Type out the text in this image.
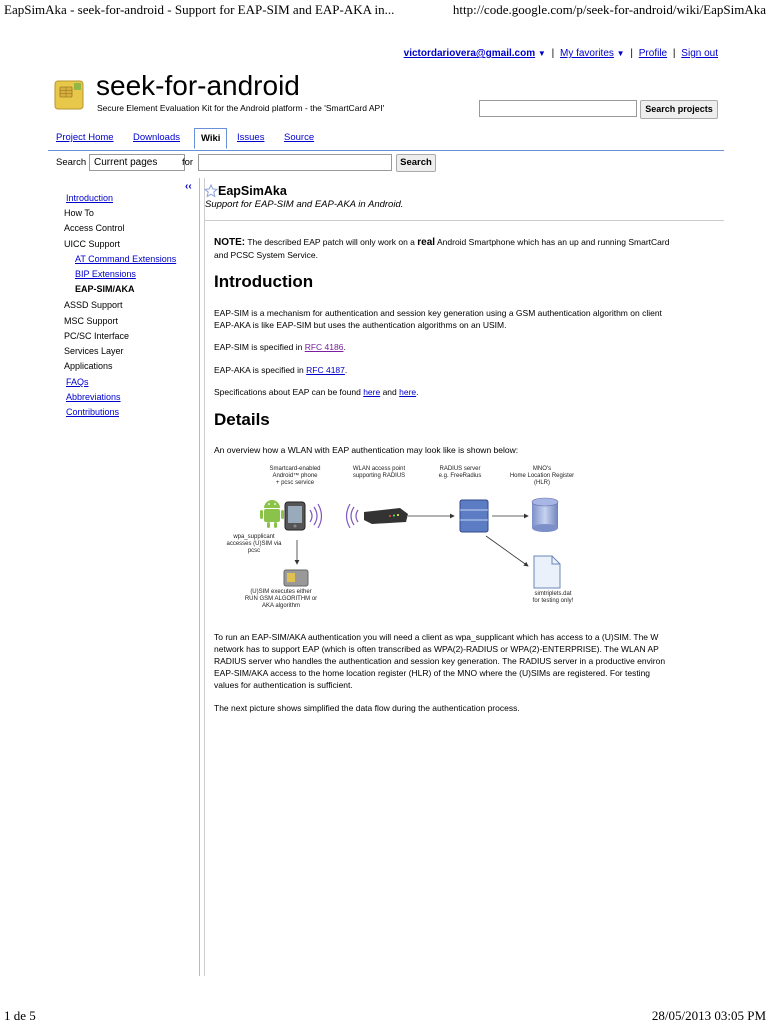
EapSimAka - seek-for-android - Support for EAP-SIM and EAP-AKA in...	http://code.google.com/p/seek-for-android/wiki/EapSimAka
victordariovera@gmail.com ▼ | My favorites ▼ | Profile | Sign out
seek-for-android
Secure Element Evaluation Kit for the Android platform - the 'SmartCard API'	Search projects
Project Home Downloads	Wiki	Issues Source
Search Current pages	for	Search
‹‹
Introduction
How To
Access Control
UICC Support
AT Command Extensions
BIP Extensions
EAP-SIM/AKA
ASSD Support
MSC Support
PC/SC Interface
Services Layer
Applications
FAQs
Abbreviations
Contributions
EapSimAka
Support for EAP-SIM and EAP-AKA in Android.
NOTE: The described EAP patch will only work on a real Android Smartphone which has an up and running SmartCard
and PCSC System Service.
Introduction
EAP-SIM is a mechanism for authentication and session key generation using a GSM authentication algorithm on client
EAP-AKA is like EAP-SIM but uses the authentication algorithms on an USIM.
EAP-SIM is specified in RFC 4186.
EAP-AKA is specified in RFC 4187.
Specifications about EAP can be found here and here.
Details
An overview how a WLAN with EAP authentication may look like is shown below:
Smartcard-enabled
Android™ phone
+ pcsc service
WLAN access point
supporting RADIUS
RADIUS server
e.g. FreeRadius
MNO's
Home Location Register
(HLR)
wpa_supplicant
accesses (U)SIM via
pcsc
(U)SIM executes either
RUN GSM ALGORITHM or
AKA algorithm
simtriplets.dat
for testing only!
To run an EAP-SIM/AKA authentication you will need a client as wpa_supplicant which has access to a (U)SIM. The W
network has to support EAP (which is often transcribed as WPA(2)-RADIUS or WPA(2)-ENTERPRISE). The WLAN AP
RADIUS server who handles the authentication and session key generation. The RADIUS server in a productive environ
EAP-SIM/AKA access to the home location register (HLR) of the MNO where the (U)SIMs are registered. For testing
values for authentication is sufficient.
The next picture shows simplified the data flow during the authentication process.
1 de 5	28/05/2013 03:05 PM
